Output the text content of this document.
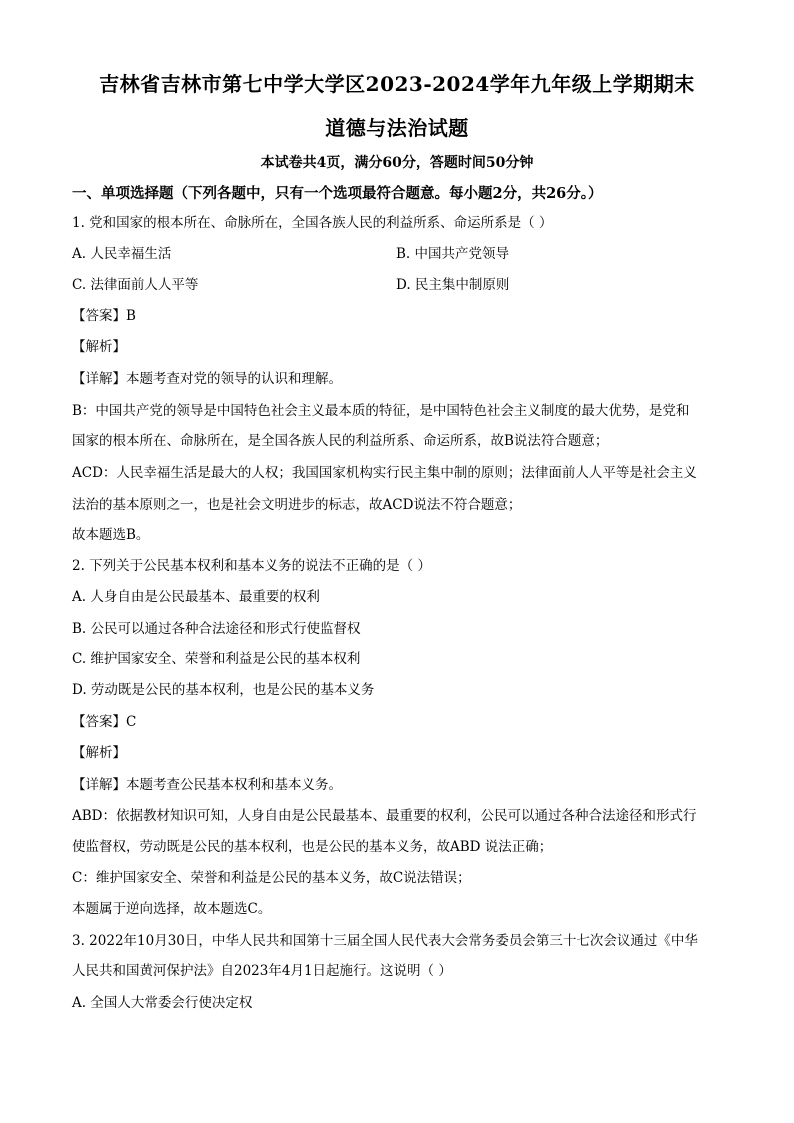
吉林省吉林市第七中学大学区2023-2024学年九年级上学期期末
道德与法治试题
本试卷共4页，满分60分，答题时间50分钟
一、单项选择题（下列各题中，只有一个选项最符合题意。每小题2分，共26分。）
1. 党和国家的根本所在、命脉所在，全国各族人民的利益所系、命运所系是（ ）
A. 人民幸福生活	B. 中国共产党领导
C. 法律面前人人平等	D. 民主集中制原则
【答案】B
【解析】
【详解】本题考查对党的领导的认识和理解。
B：中国共产党的领导是中国特色社会主义最本质的特征，是中国特色社会主义制度的最大优势，是党和
国家的根本所在、命脉所在，是全国各族人民的利益所系、命运所系，故B说法符合题意；
ACD：人民幸福生活是最大的人权；我国国家机构实行民主集中制的原则；法律面前人人平等是社会主义
法治的基本原则之一，也是社会文明进步的标志，故ACD说法不符合题意；
故本题选B。
2. 下列关于公民基本权利和基本义务的说法不正确的是（ ）
A. 人身自由是公民最基本、最重要的权利
B. 公民可以通过各种合法途径和形式行使监督权
C. 维护国家安全、荣誉和利益是公民的基本权利
D. 劳动既是公民的基本权利，也是公民的基本义务
【答案】C
【解析】
【详解】本题考查公民基本权利和基本义务。
ABD：依据教材知识可知，人身自由是公民最基本、最重要的权利，公民可以通过各种合法途径和形式行
使监督权，劳动既是公民的基本权利，也是公民的基本义务，故ABD 说法正确；
C：维护国家安全、荣誉和利益是公民的基本义务，故C说法错误；
本题属于逆向选择，故本题选C。
3. 2022年10月30日，中华人民共和国第十三届全国人民代表大会常务委员会第三十七次会议通过《中华
人民共和国黄河保护法》自2023年4月1日起施行。这说明（ ）
A. 全国人大常委会行使决定权
